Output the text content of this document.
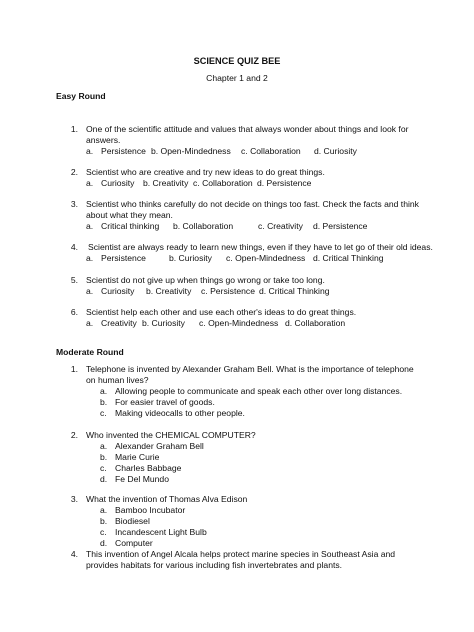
SCIENCE QUIZ BEE
Chapter 1 and 2
Easy Round
1. One of the scientific attitude and values that always wonder about things and look for
answers.
a. Persistence b. Open-Mindedness c. Collaboration d. Curiosity
2. Scientist who are creative and try new ideas to do great things.
a. Curiosity b. Creativity c. Collaboration d. Persistence
3. Scientist who thinks carefully do not decide on things too fast. Check the facts and think
about what they mean.
a. Critical thinking b. Collaboration	c. Creativity d. Persistence
4. Scientist are always ready to learn new things, even if they have to let go of their old ideas.
a. Persistence	b. Curiosity c. Open-Mindedness d. Critical Thinking
5. Scientist do not give up when things go wrong or take too long.
a. Curiosity b. Creativity c. Persistence d. Critical Thinking
6. Scientist help each other and use each other's ideas to do great things.
a. Creativity b. Curiosity c. Open-Mindedness d. Collaboration
Moderate Round
1. Telephone is invented by Alexander Graham Bell. What is the importance of telephone
on human lives?
a. Allowing people to communicate and speak each other over long distances.
b. For easier travel of goods.
c. Making videocalls to other people.
2. Who invented the CHEMICAL COMPUTER?
a. Alexander Graham Bell
b. Marie Curie
c. Charles Babbage
d. Fe Del Mundo
3. What the invention of Thomas Alva Edison
a. Bamboo Incubator
b. Biodiesel
c. Incandescent Light Bulb
d. Computer
4. This invention of Angel Alcala helps protect marine species in Southeast Asia and
provides habitats for various including fish invertebrates and plants.
